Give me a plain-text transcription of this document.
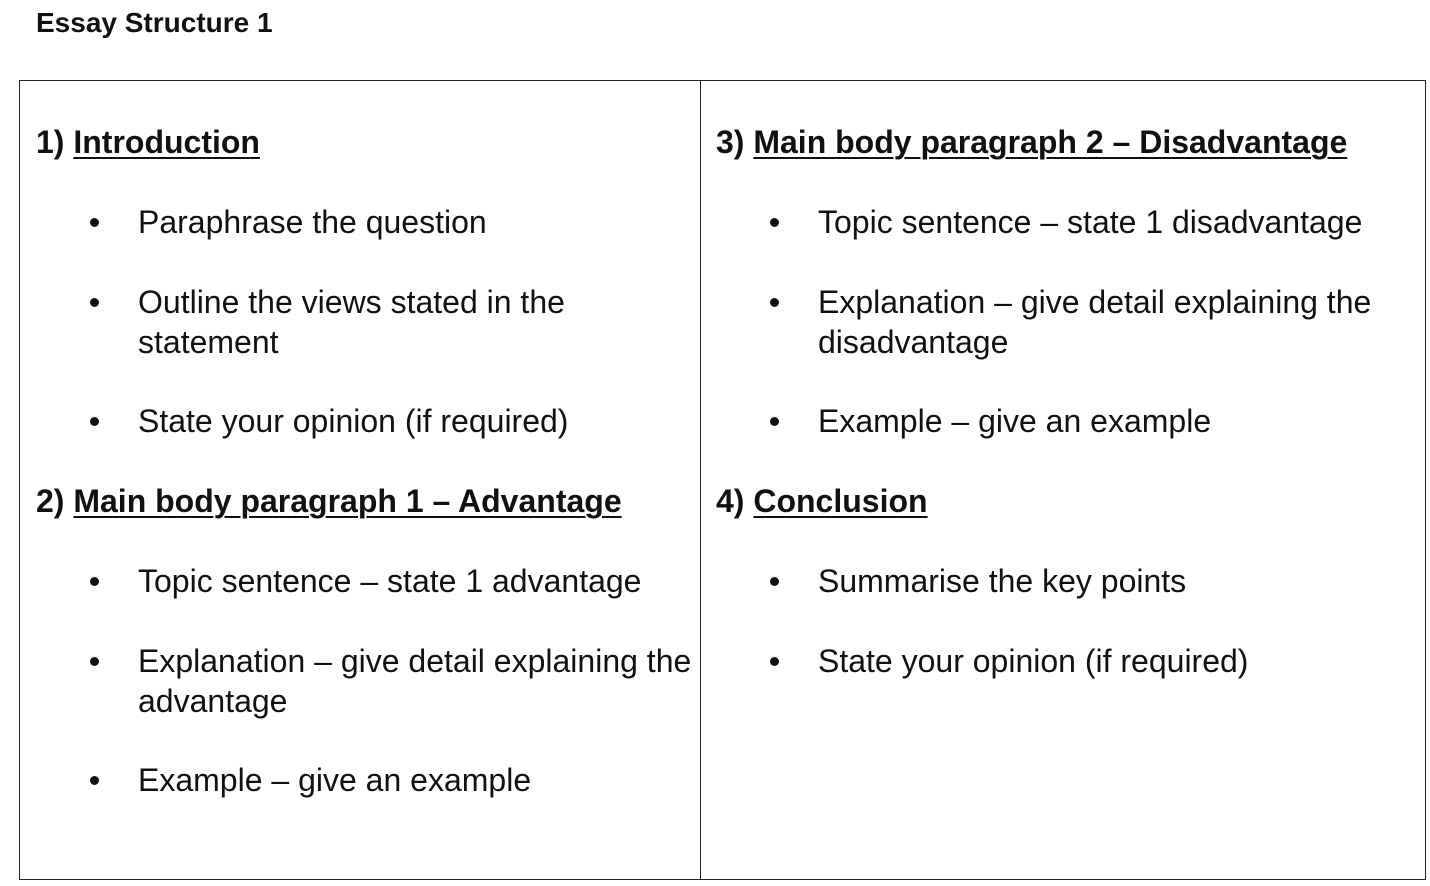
Essay Structure 1
1) Introduction
Paraphrase the question
Outline the views stated in the statement
State your opinion (if required)
2) Main body paragraph 1 – Advantage
Topic sentence – state 1 advantage
Explanation – give detail explaining the advantage
Example – give an example
3) Main body paragraph 2 – Disadvantage
Topic sentence – state 1 disadvantage
Explanation – give detail explaining the disadvantage
Example – give an example
4) Conclusion
Summarise the key points
State your opinion (if required)
